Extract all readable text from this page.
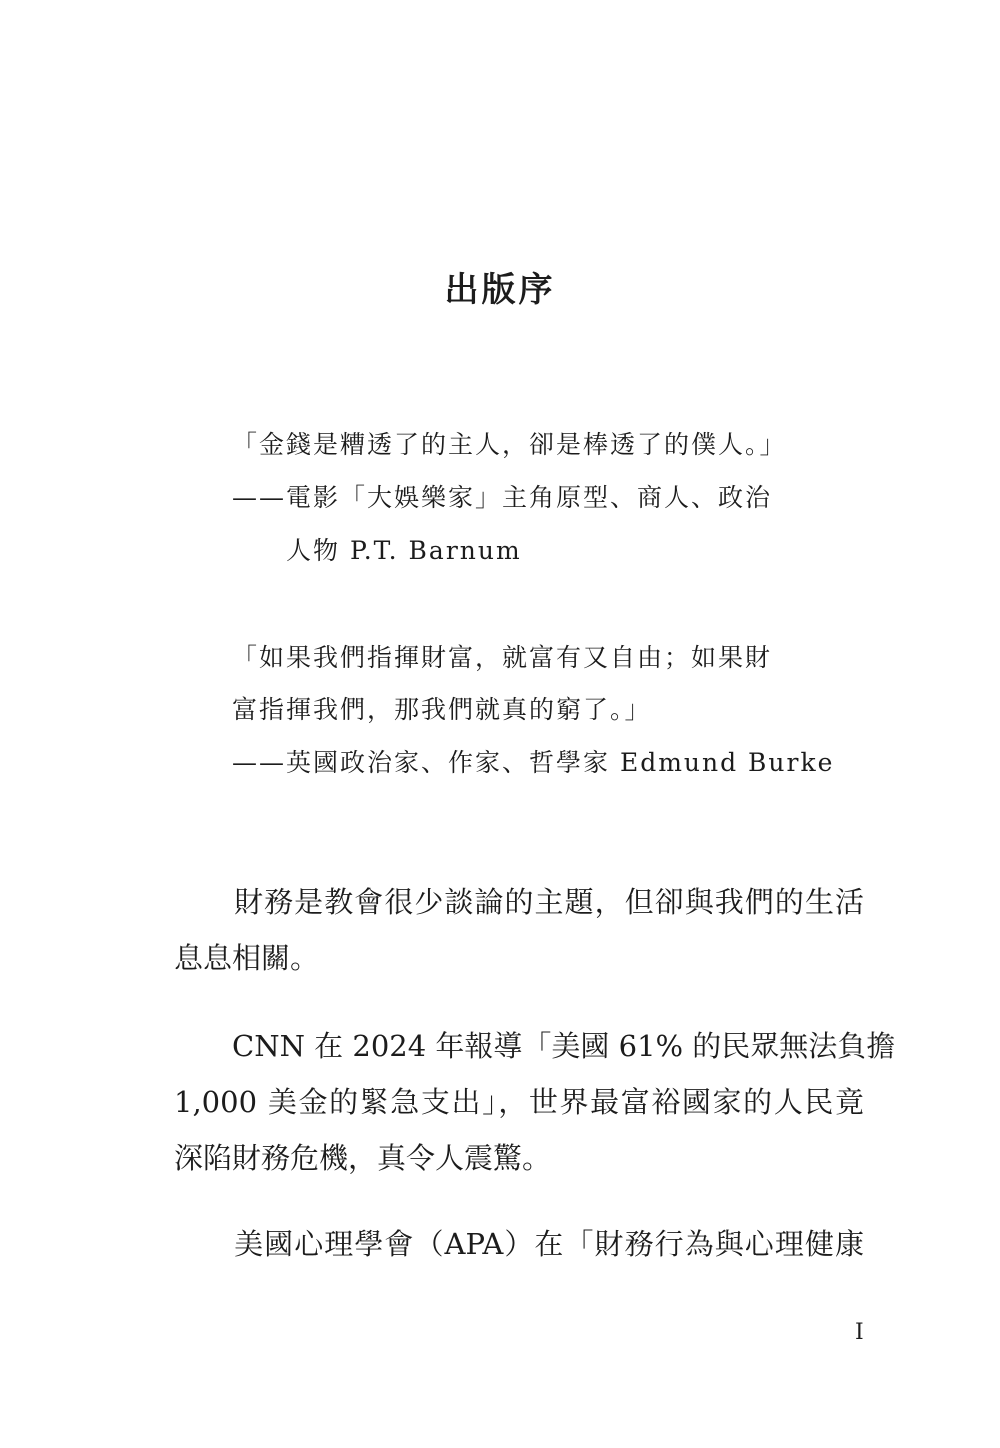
出版序
「金錢是糟透了的主人，卻是棒透了的僕人。」
——電影「大娛樂家」主角原型、商人、政治
　　人物 P.T. Barnum
「如果我們指揮財富，就富有又自由；如果財
富指揮我們，那我們就真的窮了。」
——英國政治家、作家、哲學家 Edmund Burke
　　財務是教會很少談論的主題，但卻與我們的生活
息息相關。
　　CNN 在 2024 年報導「美國 61% 的民眾無法負擔
1,000 美金的緊急支出」，世界最富裕國家的人民竟
深陷財務危機，真令人震驚。
　　美國心理學會（APA）在「財務行為與心理健康
I
